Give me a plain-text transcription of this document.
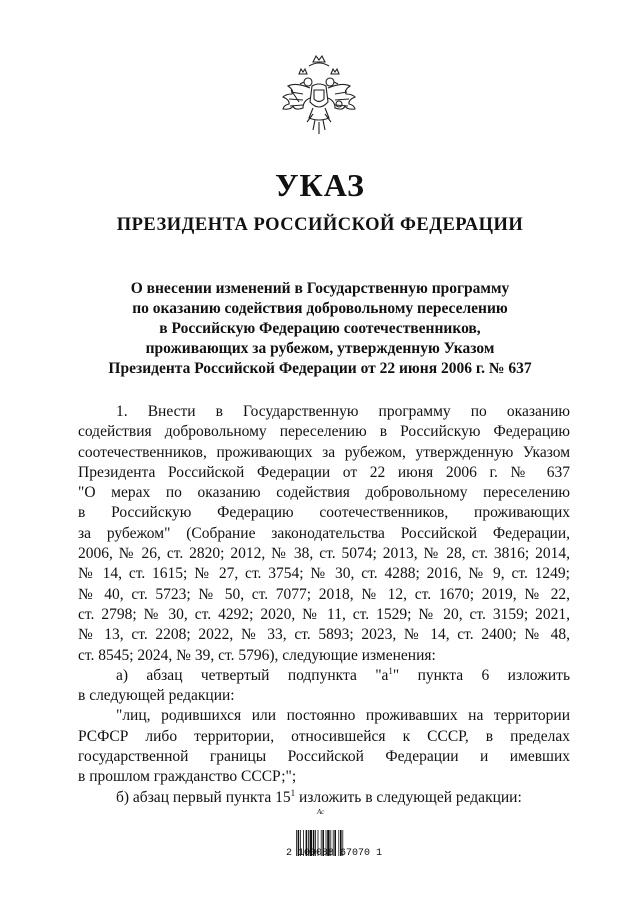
УКАЗ
ПРЕЗИДЕНТА РОССИЙСКОЙ ФЕДЕРАЦИИ
О внесении изменений в Государственную программу
по оказанию содействия добровольному переселению
в Российскую Федерацию соотечественников,
проживающих за рубежом, утвержденную Указом
Президента Российской Федерации от 22 июня 2006 г. № 637
1. Внести в Государственную программу по оказанию
содействия добровольному переселению в Российскую Федерацию
соотечественников, проживающих за рубежом, утвержденную Указом
Президента Российской Федерации от 22 июня 2006 г. № 637
"О мерах по оказанию содействия добровольному переселению
в Российскую Федерацию соотечественников, проживающих
за рубежом" (Собрание законодательства Российской Федерации,
2006, № 26, ст. 2820; 2012, № 38, ст. 5074; 2013, № 28, ст. 3816; 2014,
№ 14, ст. 1615; № 27, ст. 3754; № 30, ст. 4288; 2016, № 9, ст. 1249;
№ 40, ст. 5723; № 50, ст. 7077; 2018, № 12, ст. 1670; 2019, № 22,
ст. 2798; № 30, ст. 4292; 2020, № 11, ст. 1529; № 20, ст. 3159; 2021,
№ 13, ст. 2208; 2022, № 33, ст. 5893; 2023, № 14, ст. 2400; № 48,
ст. 8545; 2024, № 39, ст. 5796), следующие изменения:
а) абзац четвертый подпункта "$а^1$" пункта 6 изложить
в следующей редакции:
"лиц, родившихся или постоянно проживавших на территории
РСФСР либо территории, относившейся к СССР, в пределах
государственной границы Российской Федерации и имевших
в прошлом гражданство СССР;";
б) абзац первый пункта $15^1$ изложить в следующей редакции:
Ас
2 100088 67070 1
